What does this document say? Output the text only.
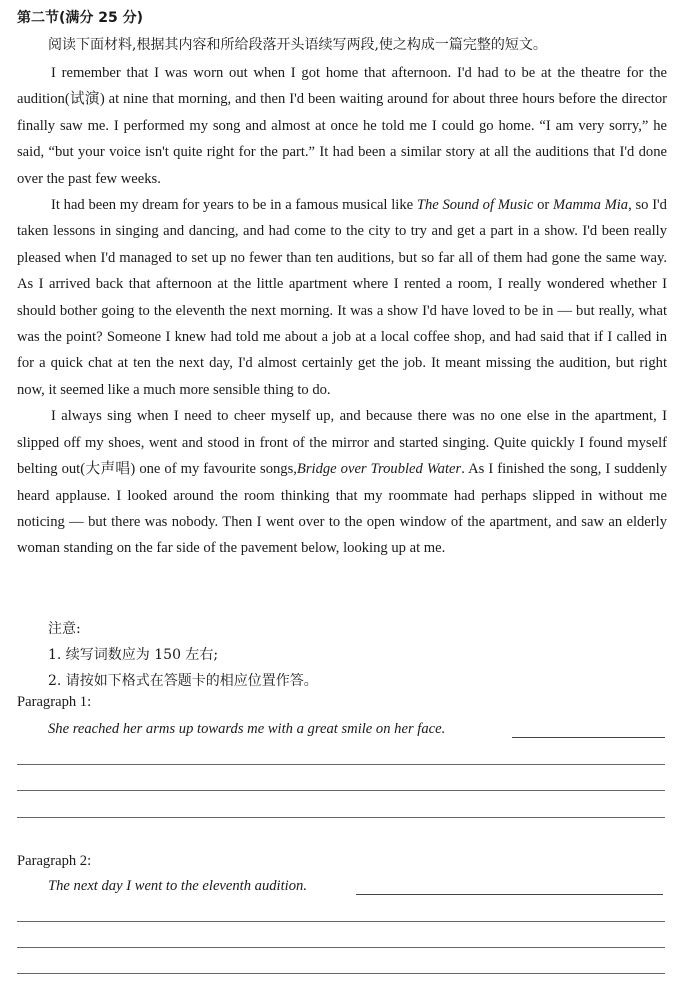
第二节(满分 25 分)
阅读下面材料,根据其内容和所给段落开头语续写两段,使之构成一篇完整的短文。

I remember that I was worn out when I got home that afternoon. I'd had to be at the theatre for the audition(试演) at nine that morning, and then I'd been waiting around for about three hours before the director finally saw me. I performed my song and almost at once he told me I could go home. “I am very sorry,” he said, “but your voice isn't quite right for the part.” It had been a similar story at all the auditions that I'd done over the past few weeks.

It had been my dream for years to be in a famous musical like The Sound of Music or Mamma Mia, so I'd taken lessons in singing and dancing, and had come to the city to try and get a part in a show. I'd been really pleased when I'd managed to set up no fewer than ten auditions, but so far all of them had gone the same way. As I arrived back that afternoon at the little apartment where I rented a room, I really wondered whether I should bother going to the eleventh the next morning. It was a show I'd have loved to be in — but really, what was the point? Someone I knew had told me about a job at a local coffee shop, and had said that if I called in for a quick chat at ten the next day, I'd almost certainly get the job. It meant missing the audition, but right now, it seemed like a much more sensible thing to do.

I always sing when I need to cheer myself up, and because there was no one else in the apartment, I slipped off my shoes, went and stood in front of the mirror and started singing. Quite quickly I found myself belting out(大声唱) one of my favourite songs,Bridge over Troubled Water. As I finished the song, I suddenly heard applause. I looked around the room thinking that my roommate had perhaps slipped in without me noticing — but there was nobody. Then I went over to the open window of the apartment, and saw an elderly woman standing on the far side of the pavement below, looking up at me.

注意:
1. 续写词数应为 150 左右;
2. 请按如下格式在答题卡的相应位置作答。
Paragraph 1:
She reached her arms up towards me with a great smile on her face.
Paragraph 2:
The next day I went to the eleventh audition.
